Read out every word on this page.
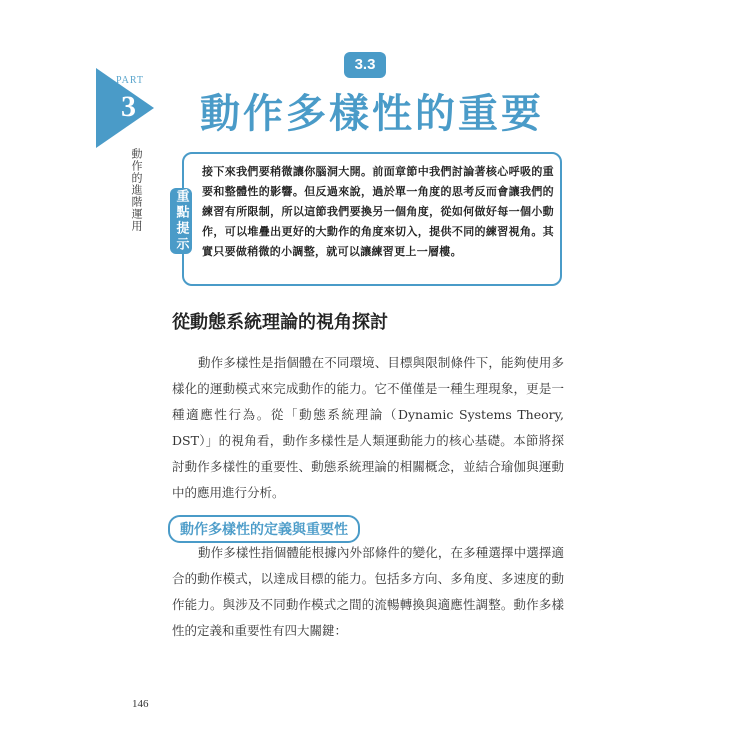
PART
3
動作的進階運用
3.3
動作多樣性的重要
重點提示
接下來我們要稍微讓你腦洞大開。前面章節中我們討論著核心呼吸的重要和整體性的影響。但反過來說，過於單一角度的思考反而會讓我們的練習有所限制，所以這節我們要換另一個角度，從如何做好每一個小動作，可以堆疊出更好的大動作的角度來切入，提供不同的練習視角。其實只要做稍微的小調整，就可以讓練習更上一層樓。
從動態系統理論的視角探討
動作多樣性是指個體在不同環境、目標與限制條件下，能夠使用多樣化的運動模式來完成動作的能力。它不僅僅是一種生理現象，更是一種適應性行為。從「動態系統理論（Dynamic Systems Theory, DST）」的視角看，動作多樣性是人類運動能力的核心基礎。本節將探討動作多樣性的重要性、動態系統理論的相關概念，並結合瑜伽與運動中的應用進行分析。
動作多樣性的定義與重要性
動作多樣性指個體能根據內外部條件的變化，在多種選擇中選擇適合的動作模式，以達成目標的能力。包括多方向、多角度、多速度的動作能力。與涉及不同動作模式之間的流暢轉換與適應性調整。動作多樣性的定義和重要性有四大關鍵：
146
